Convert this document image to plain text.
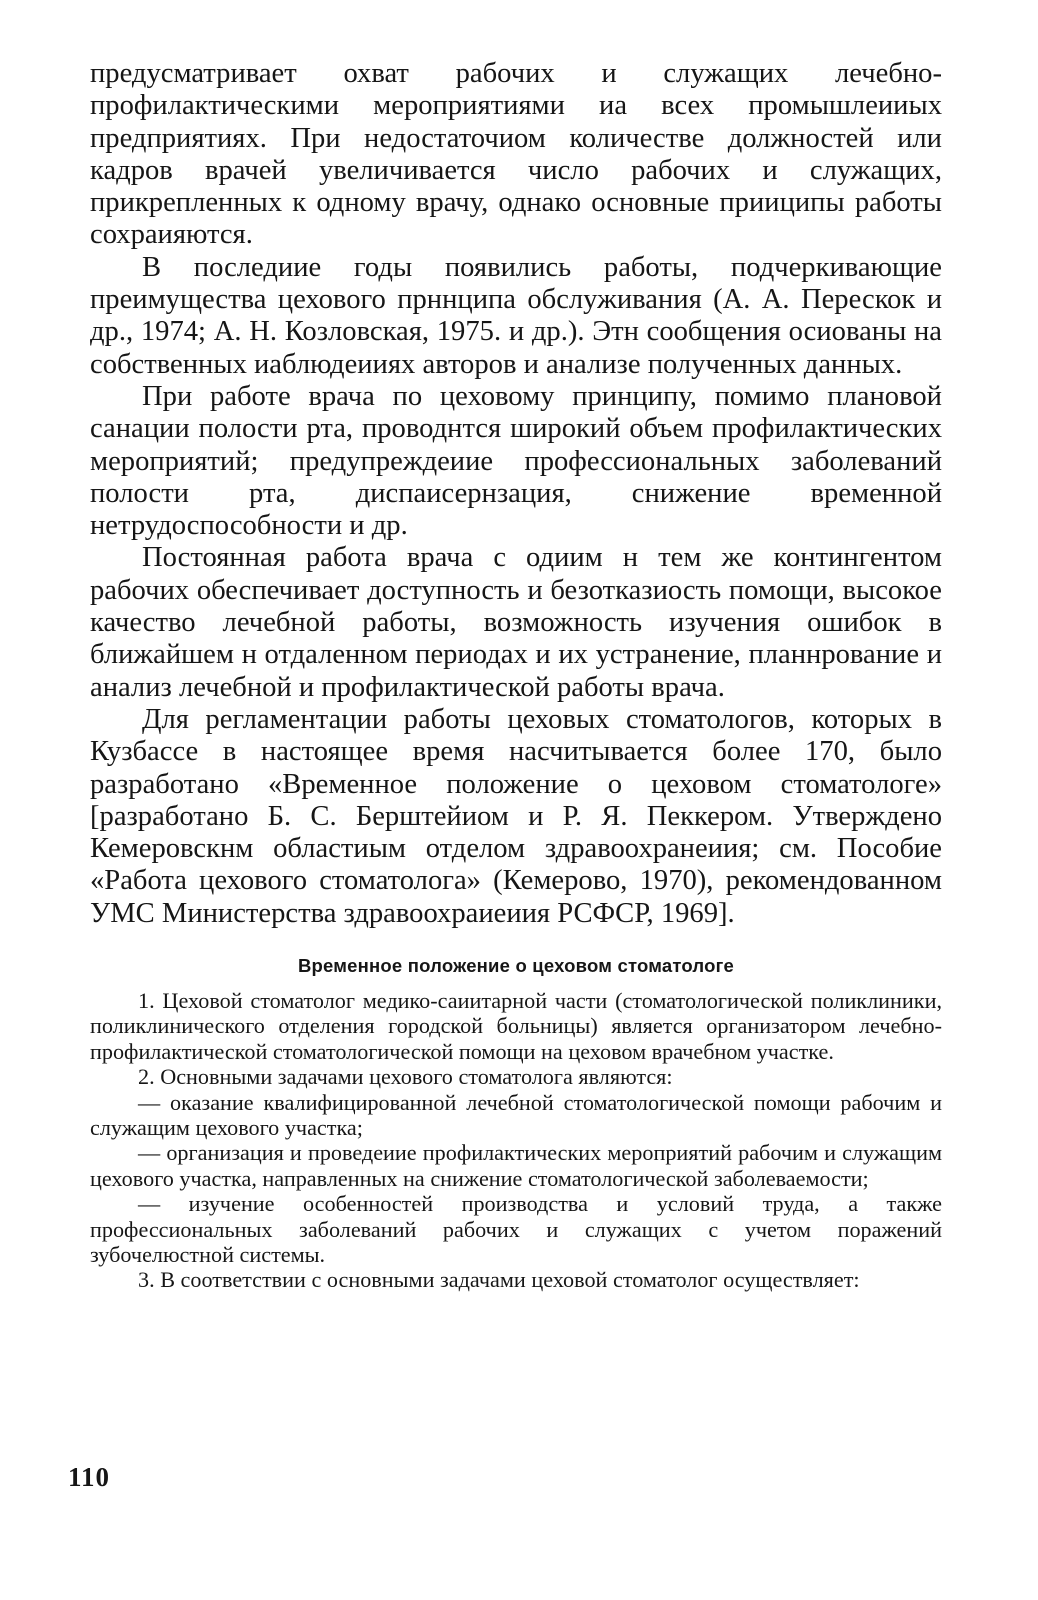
предусматривает охват рабочих и служащих лечебно-профилактическими мероприятиями иа всех промышлеииых предприятиях. При недостаточиом количестве должностей или кадров врачей увеличивается число рабочих и служащих, прикрепленных к одному врачу, однако основные прииципы работы сохраияются.

В последиие годы появились работы, подчеркивающие преимущества цехового прннципа обслуживания (А. А. Перескок и др., 1974; А. Н. Козловская, 1975. и др.). Этн сообщения осиованы на собственных иаблюдеииях авторов и анализе полученных данных.

При работе врача по цеховому принципу, помимо плановой санации полости рта, проводнтся широкий объем профилактических мероприятий; предупреждеиие профессиональных заболеваний полости рта, диспаисернзация, снижение временной нетрудоспособности и др.

Постоянная работа врача с одиим н тем же контингентом рабочих обеспечивает доступность и безотказиость помощи, высокое качество лечебной работы, возможность изучения ошибок в ближайшем н отдаленном периодах и их устранение, планнрование и анализ лечебной и профилактической работы врача.

Для регламентации работы цеховых стоматологов, которых в Кузбассе в настоящее время насчитывается более 170, было разработано «Временное положение о цеховом стоматологе» [разработано Б. С. Берштейиом и Р. Я. Пеккером. Утверждено Кемеровскнм областиым отделом здравоохранеиия; см. Пособие «Работа цехового стоматолога» (Кемерово, 1970), рекомендованном УМС Министерства здравоохраиеиия РСФСР, 1969].

Временное положение о цеховом стоматологе

1. Цеховой стоматолог медико-саиитарной части (стоматологической поликлиники, поликлинического отделения городской больницы) является организатором лечебно-профилактической стоматологической помощи на цеховом врачебном участке.

2. Основными задачами цехового стоматолога являются:

— оказание квалифицированной лечебной стоматологической помощи рабочим и служащим цехового участка;

— организация и проведеиие профилактических мероприятий рабочим и служащим цехового участка, направленных на снижение стоматологической заболеваемости;

— изучение особенностей производства и условий труда, а также профессиональных заболеваний рабочих и служащих с учетом поражений зубочелюстной системы.

3. В соответствии с основными задачами цеховой стоматолог осуществляет:

110
